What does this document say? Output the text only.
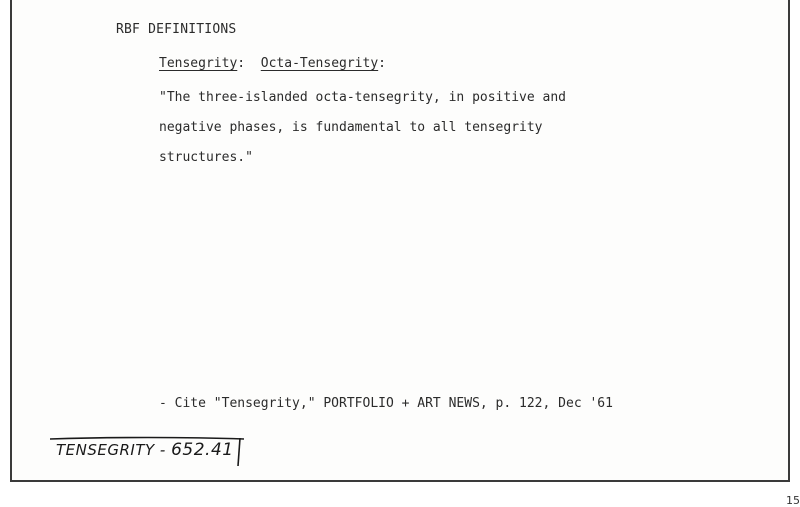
RBF DEFINITIONS
Tensegrity:  Octa-Tensegrity:
"The three-islanded octa-tensegrity, in positive and
negative phases, is fundamental to all tensegrity
structures."
- Cite "Tensegrity," PORTFOLIO + ART NEWS, p. 122, Dec '61
TENSEGRITY - 652.41
15
